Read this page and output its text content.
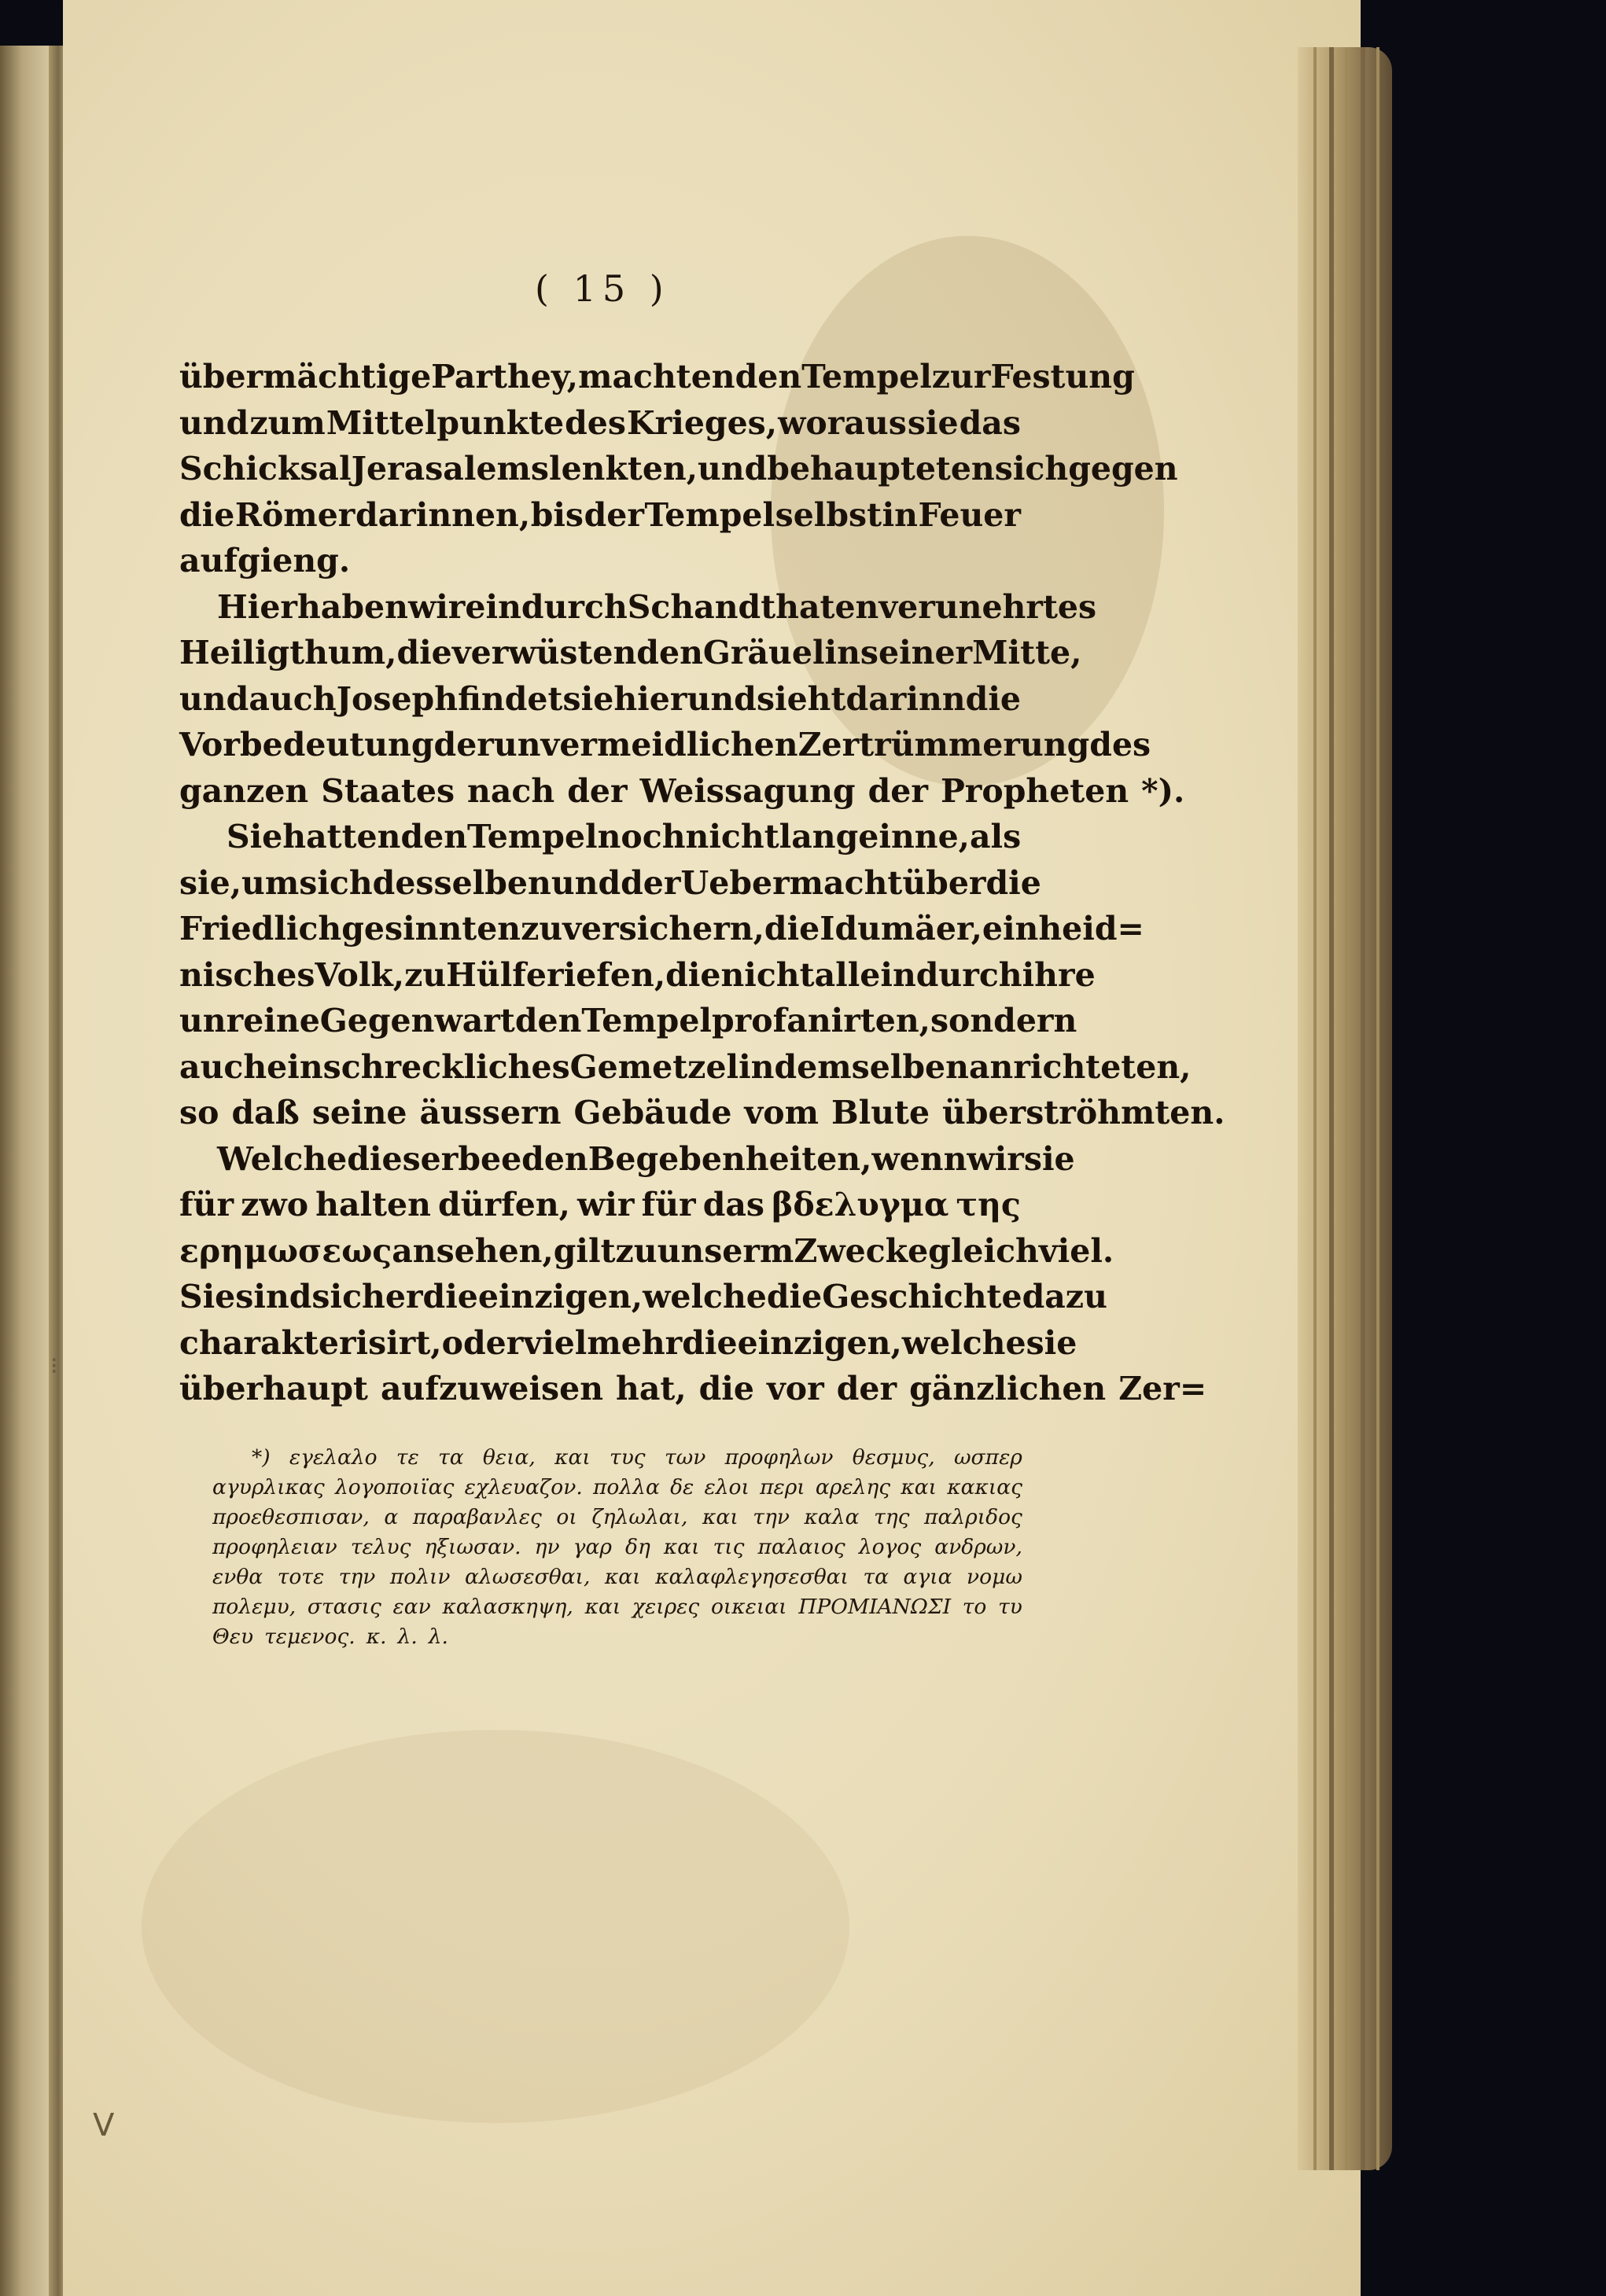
⁝
ⴸ
( 15 )
übermächtige Parthey, machten den Tempel zur Festung
und zum Mittelpunkte des Krieges, woraus sie das
Schicksal Jerasalems lenkten, und behaupteten sich gegen
die Römer darinnen, bis der Tempel selbst in Feuer
aufgieng.
Hier haben wir ein durch Schandthaten verunehrtes
Heiligthum, die verwüstenden Gräuel in seiner Mitte,
und auch Joseph findet sie hier und sieht darinn die
Vorbedeutung der unvermeidlichen Zertrümmerung des
ganzen Staates nach der Weissagung der Propheten *).
Sie hatten den Tempel noch nicht lange inne, als
sie, um sich desselben und der Uebermacht über die
Friedlichgesinnten zu versichern, die Idumäer, ein heid=
nisches Volk, zu Hülfe riefen, die nicht allein durch ihre
unreine Gegenwart den Tempel profanirten, sondern
auch ein schreckliches Gemetzel in demselben anrichteten,
so daß seine äussern Gebäude vom Blute überströhmten.
Welche dieser beeden Begebenheiten, wenn wir sie
für zwo halten dürfen, wir für das βδελυγμα της
ερημωσεως ansehen, gilt zu unserm Zwecke gleich viel.
Sie sind sicher die einzigen, welche die Geschichte dazu
charakterisirt, oder vielmehr die einzigen, welche sie
überhaupt aufzuweisen hat, die vor der gänzlichen Zer=
*) εγελαλο τε τα θεια, και τυς των προφηλων θεσμυς, ωσπερ
αγυρλικας λογοποιϊας εχλευαζον. πολλα δε ελοι περι αρελης και κακιας
προεθεσπισαν, α παραβανλες οι ζηλωλαι, και την καλα της παλριδος
προφηλειαν τελυς ηξιωσαν. ην γαρ δη και τις παλαιος λογος ανδρων,
ενθα τοτε την πολιν αλωσεσθαι, και καλαφλεγησεσθαι τα αγια νομω
πολεμυ, στασις εαν καλασκηψη, και χειρες οικειαι ΠΡΟΜΙΑΝΩΣΙ το τυ
Θευ τεμενος. κ. λ. λ.
